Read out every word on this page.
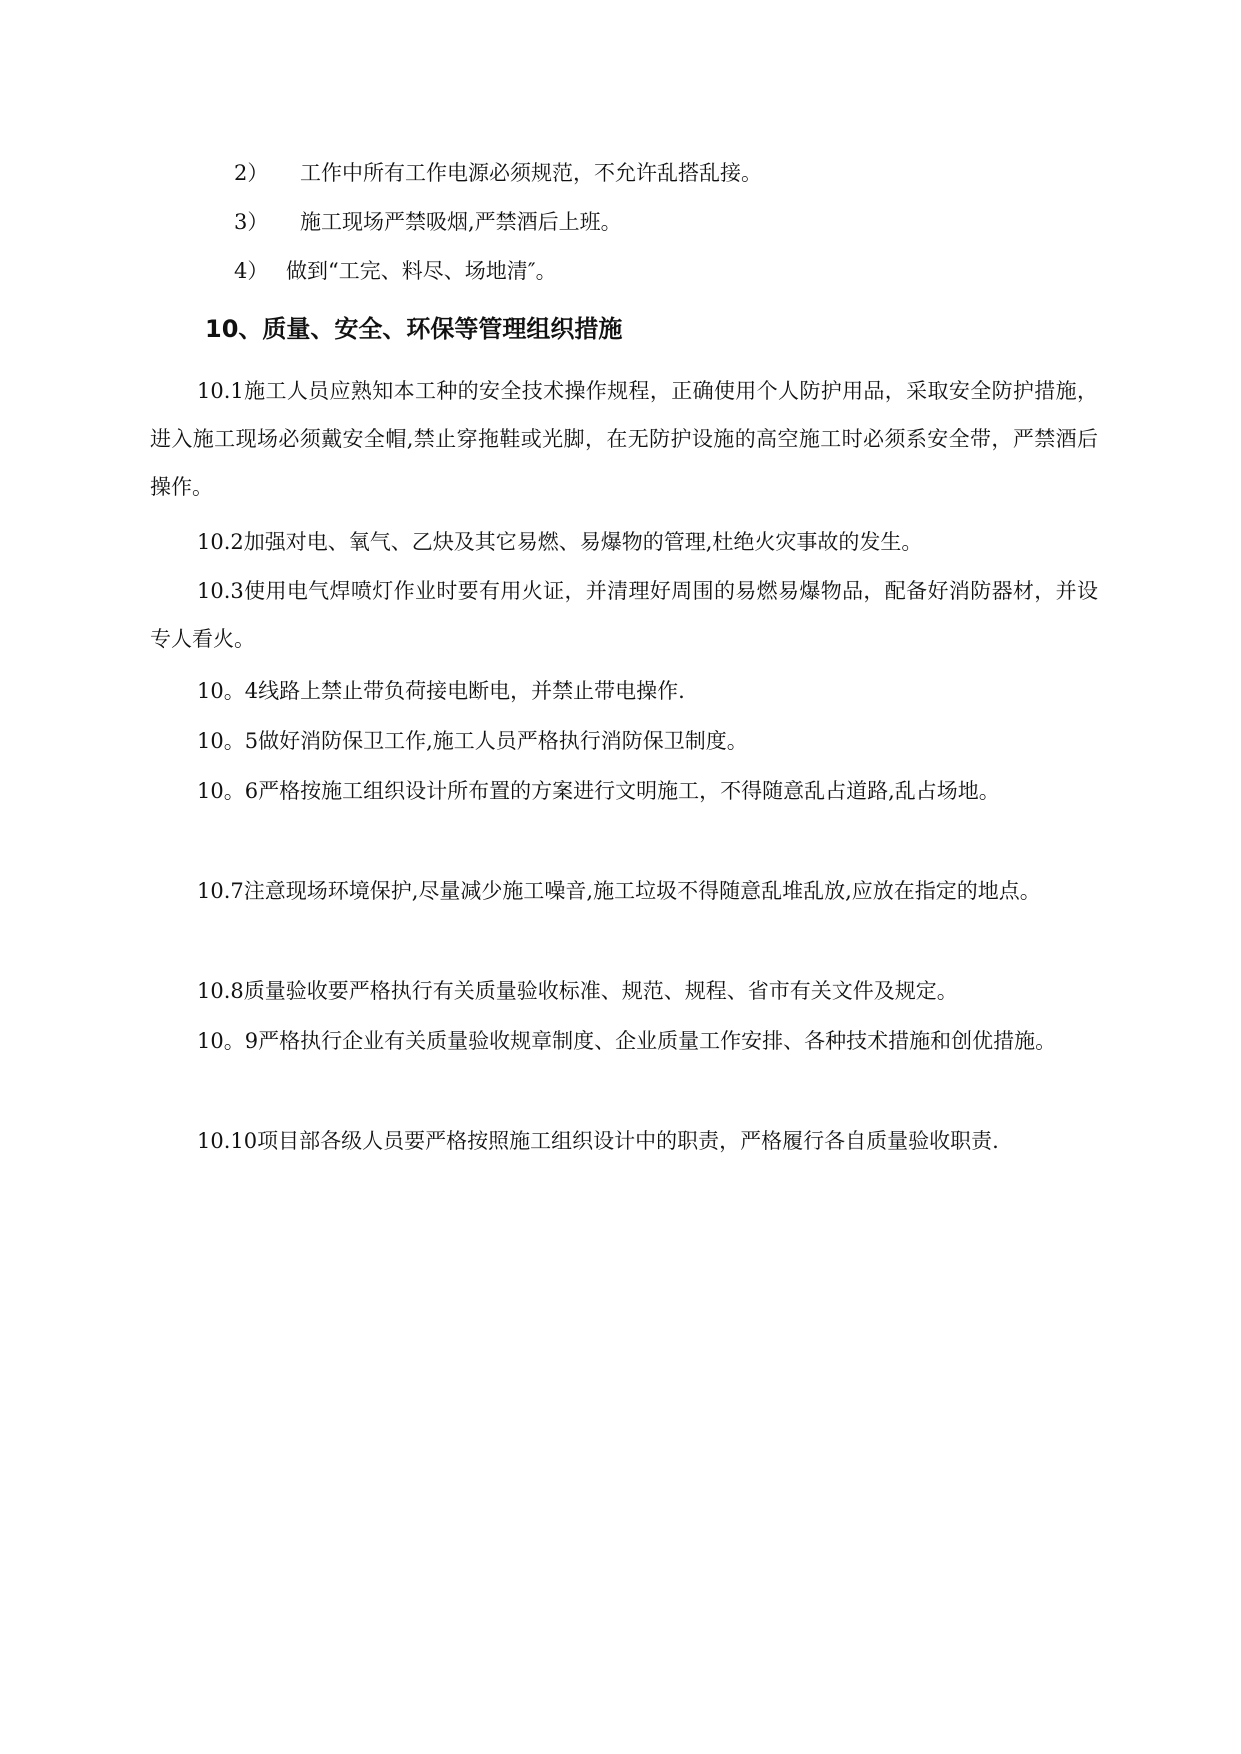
2） 工作中所有工作电源必须规范，不允许乱搭乱接。
3） 施工现场严禁吸烟,严禁酒后上班。
4） 做到“工完、料尽、场地清″。
10、质量、安全、环保等管理组织措施
10.1施工人员应熟知本工种的安全技术操作规程，正确使用个人防护用品，采取安全防护措施，进入施工现场必须戴安全帽,禁止穿拖鞋或光脚，在无防护设施的高空施工时必须系安全带，严禁酒后操作。
10.2加强对电、氧气、乙炔及其它易燃、易爆物的管理,杜绝火灾事故的发生。
10.3使用电气焊喷灯作业时要有用火证，并清理好周围的易燃易爆物品，配备好消防器材，并设专人看火。
10。4线路上禁止带负荷接电断电，并禁止带电操作.
10。5做好消防保卫工作,施工人员严格执行消防保卫制度。
10。6严格按施工组织设计所布置的方案进行文明施工，不得随意乱占道路,乱占场地。
10.7注意现场环境保护,尽量减少施工噪音,施工垃圾不得随意乱堆乱放,应放在指定的地点。
10.8质量验收要严格执行有关质量验收标准、规范、规程、省市有关文件及规定。
10。9严格执行企业有关质量验收规章制度、企业质量工作安排、各种技术措施和创优措施。
10.10项目部各级人员要严格按照施工组织设计中的职责，严格履行各自质量验收职责.
